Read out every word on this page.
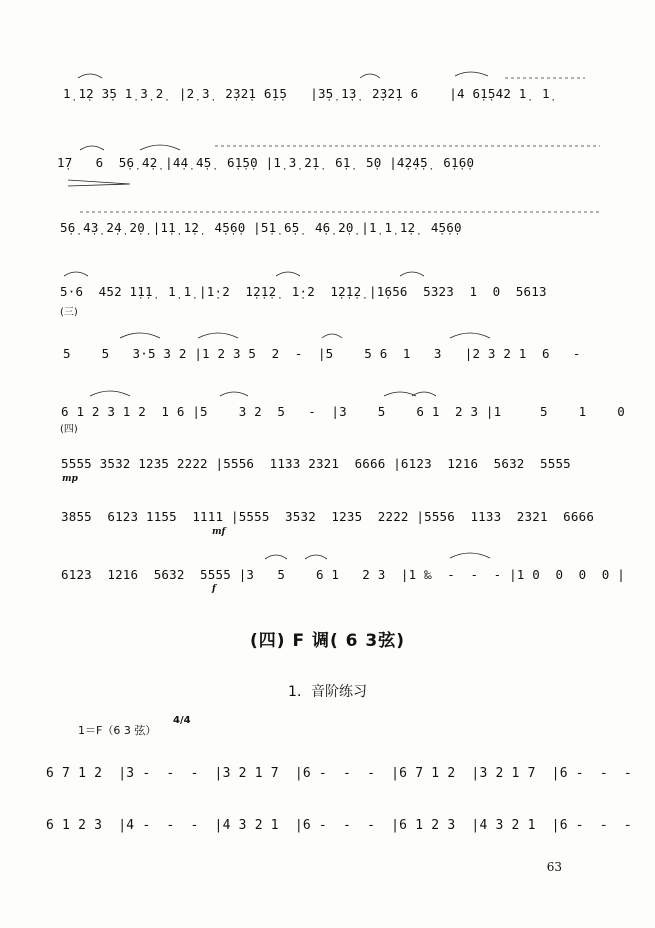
1̣ 1̣2 3̣5 1̣ 3̣ 2̣  |2̣ 3̣  2̣32̣1 6̣1̣5   |3̣5̣ 1̣3̣  2̣32̣1 6    |4 6̣1̣542 1̣  1̣
1̣7   6  5̣6̣ 4̣2̣ |4̣4̣ 4̣5̣  6̣1̣5̣0 |1̣ 3̣ 2̣1̣  6̣1̣  5̣0 |4̣2̣4̣5̣  6̣1̣6̣0
5̣6̣ 4̣3̣ 2̣4̣ 2̣0̣ |1̣1̣ 1̣2̣  4̣5̣6̣0 |5̣1̣ 6̣5̣  4̣6̣ 2̣0̣ |1̣ 1̣ 1̣2̣  4̣5̣6̣0
5·6  452 1̣1̣1̣  1̣ 1̣ |1̣·2  1̣2̣1̣2̣  1̣·2  1̣2̣1̣2̣ |1̣656  5323  1  0  5613
(三)
5    5   3·5 3 2 |1 2 3 5  2  -  |5    5 6  1   3   |2 3 2 1  6   -
6 1 2 3 1 2  1 6 |5    3 2  5   -  |3    5    6 1  2 3 |1     5    1    0
(四)
5555 3532 1235 2222 |5556  1133 2321  6666 |6123  1216  5632  5555
mp
3855  6123 1155  1111 |5555  3532  1235  2222 |5556  1133  2321  6666
mf
6123  1216  5632  5555 |3   5    6 1   2 3  |1 ‰  -  -  - |1 0  0  0  0 |
f
(四) F 调( 6 3弦)
1．音阶练习
1＝F（6 3 弦）
4/4
6 7 1 2  |3 -  -  -  |3 2 1 7  |6 -  -  -  |6 7 1 2  |3 2 1 7  |6 -  -  -
6 1 2 3  |4 -  -  -  |4 3 2 1  |6 -  -  -  |6 1 2 3  |4 3 2 1  |6 -  -  -
63
